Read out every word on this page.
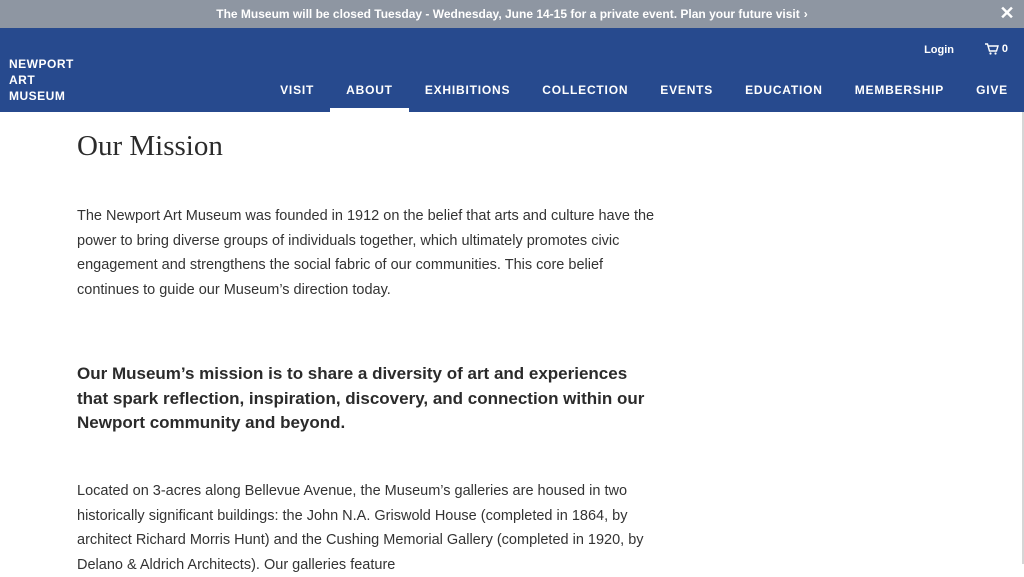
The Museum will be closed Tuesday - Wednesday, June 14-15 for a private event. Plan your future visit ›	✕
NEWPORT
ART
MUSEUM
Login	0
VISIT	ABOUT	EXHIBITIONS	COLLECTION	EVENTS	EDUCATION	MEMBERSHIP	GIVE
Our Mission

The Newport Art Museum was founded in 1912 on the belief that arts and culture have the power to bring diverse groups of individuals together, which ultimately promotes civic engagement and strengthens the social fabric of our communities. This core belief continues to guide our Museum’s direction today.

Our Museum’s mission is to share a diversity of art and experiences that spark reflection, inspiration, discovery, and connection within our Newport community and beyond.

Located on 3-acres along Bellevue Avenue, the Museum’s galleries are housed in two historically significant buildings: the John N.A. Griswold House (completed in 1864, by architect Richard Morris Hunt) and the Cushing Memorial Gallery (completed in 1920, by Delano & Aldrich Architects). Our galleries feature
